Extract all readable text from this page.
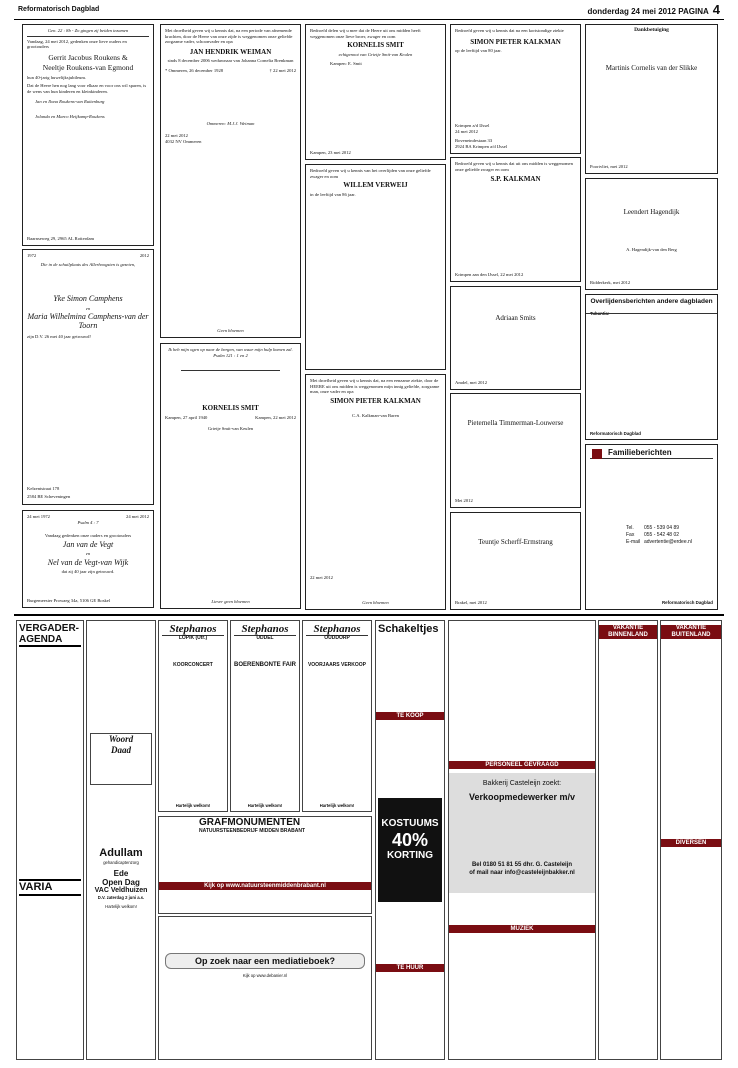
Reformatorisch Dagblad	donderdag 24 mei 2012 PAGINA 4
Gen. 22 : 8b - Zo gingen zij beiden tezamen
Vandaag, 24 mei 2012, gedenken onze lieve ouders en grootouders
Gerrit Jacobus Roukens &
Neeltje Roukens-van Egmond
hun 40-jarig huwelijksjubileum.
Dat de Heere hen nog lang voor elkaar en voor ons wil sparen, is de wens van hun kinderen en kleinkinderen.
Jan en Ilona Roukens-van Ruitenburg
Jolanda en Marco Heijkamp-Roukens
Baarnseweg 29, 2965 AL Rotterdam
1972	2012
Die in de schuilplaats des Allerhoogsten is gezeten,
Yke Simon Camphens
en
Maria Wilhelmina Camphens-van der Toorn
zijn D.V. 26 mei 40 jaar getrouwd!
Kelzentstraat 178
2584 BE Scheveningen
24 mei 1972	24 mei 2012
Psalm 4 : 7
Vandaag gedenken onze ouders en grootouders
Jan van de Vegt
en
Nel van de Vegt-van Wijk
dat zij 40 jaar zijn getrouwd.
Burgemeester Prowaeg 34a, 5106 GE Boskel
Met droefheid geven wij u kennis dat, na een periode van afnemende krachten, door de Heere van onze zijde is weggenomen onze geliefde zorgzame vader, schoonvader en opa
JAN HENDRIK WEIMAN
sinds 8 december 2006 weduwnaar van Johanna Cornelia Brenkman
* Ommeren, 26 december 1928	† 22 mei 2012
Ommeren: M.J.J. Weiman
22 mei 2012
4032 NV Ommeren
Geen bloemen
Ik heb mijn ogen op naar de bergen, van waar mijn hulp komen zal.
Psalm 121 : 1 en 2
KORNELIS SMIT
Kampen, 27 april 1940	Kampen, 22 mei 2012
Grietje Smit-van Keulen
Liever geen bloemen
Bedroefd delen wij u mee dat de Heere uit ons midden heeft weggenomen onze lieve broer, zwager en oom
KORNELIS SMIT
echtgenoot van Grietje Smit-van Keulen
Kampen: E. Smit
Kampen, 23 mei 2012
Bedroefd geven wij u kennis van het overlijden van onze geliefde zwager en oom
WILLEM VERWEIJ
in de leeftijd van 86 jaar.
Met droefheid geven wij u kennis dat, na een eenzame ziekte, door de HEERE uit ons midden is weggenomen mijn innig geliefde, zorgzame man, onze vader en opa
SIMON PIETER KALKMAN
C.A. Kalkman-van Baren
22 mei 2012
Geen bloemen
Bedroefd geven wij u kennis dat na een kortstondige ziekte
SIMON PIETER KALKMAN
op de leeftijd van 80 jaar.
Krimpen a/d IJssel
24 mei 2012
Boveneindestaan 33
2924 BA Krimpen a/d IJssel
Bedroefd geven wij u kennis dat uit ons midden is weggenomen onze geliefde zwager en oom
S.P. KALKMAN
Krimpen aan den IJssel, 22 mei 2012
Adriaan Smits
Amdel, mei 2012
Pieternella Timmerman-Louwerse
Mei 2012
Teuntje Scherff-Ermstrang
Brakel, mei 2012
Dankbetuiging
Martinis Cornelis van der Slikke
Poortvliet, mei 2012
Leendert Hagendijk
A. Hagendijk-van den Berg
Ridderkerk, mei 2012
Overlijdensberichten andere dagbladen
Reformatorisch Dagblad
Familieberichten
Tel.	055 - 539 04 89
Fax	055 - 542 48 02
E-mail advertentie@erdee.nl
Reformatorisch Dagblad
VERGADER-AGENDA
VARIA
Woord
Daad
Adullam
gehandicaptenzorg
Ede
Open Dag
VAC Veldhuizen
D.V. zaterdag 2 juni a.s.
Hartelijk welkom!
Stephanos
LOPIK (Utr.)
KOORCONCERT
Hartelijk welkom!
Stephanos
UDDEL
BOERENBONTE FAIR
Hartelijk welkom!
Stephanos
OUDDORP
VOORJAARS VERKOOP
Hartelijk welkom!
GRAFMONUMENTEN
NATUURSTEENBEDRIJF MIDDEN BRABANT
Kijk op www.natuursteenmiddenbrabant.nl
Op zoek naar een mediatieboek?
Kijk op www.debanier.nl
Schakeltjes
TE KOOP
KOSTUUMS
40%
KORTING
TE HUUR
PERSONEEL GEVRAAGD
Bakkerij Casteleijn zoekt:
Verkoopmedewerker m/v
Bel 0180 51 81 55 dhr. G. Casteleijn
of mail naar info@casteleijnbakker.nl
MUZIEK
VAKANTIE BINNENLAND
VAKANTIE BUITENLAND
DIVERSEN
